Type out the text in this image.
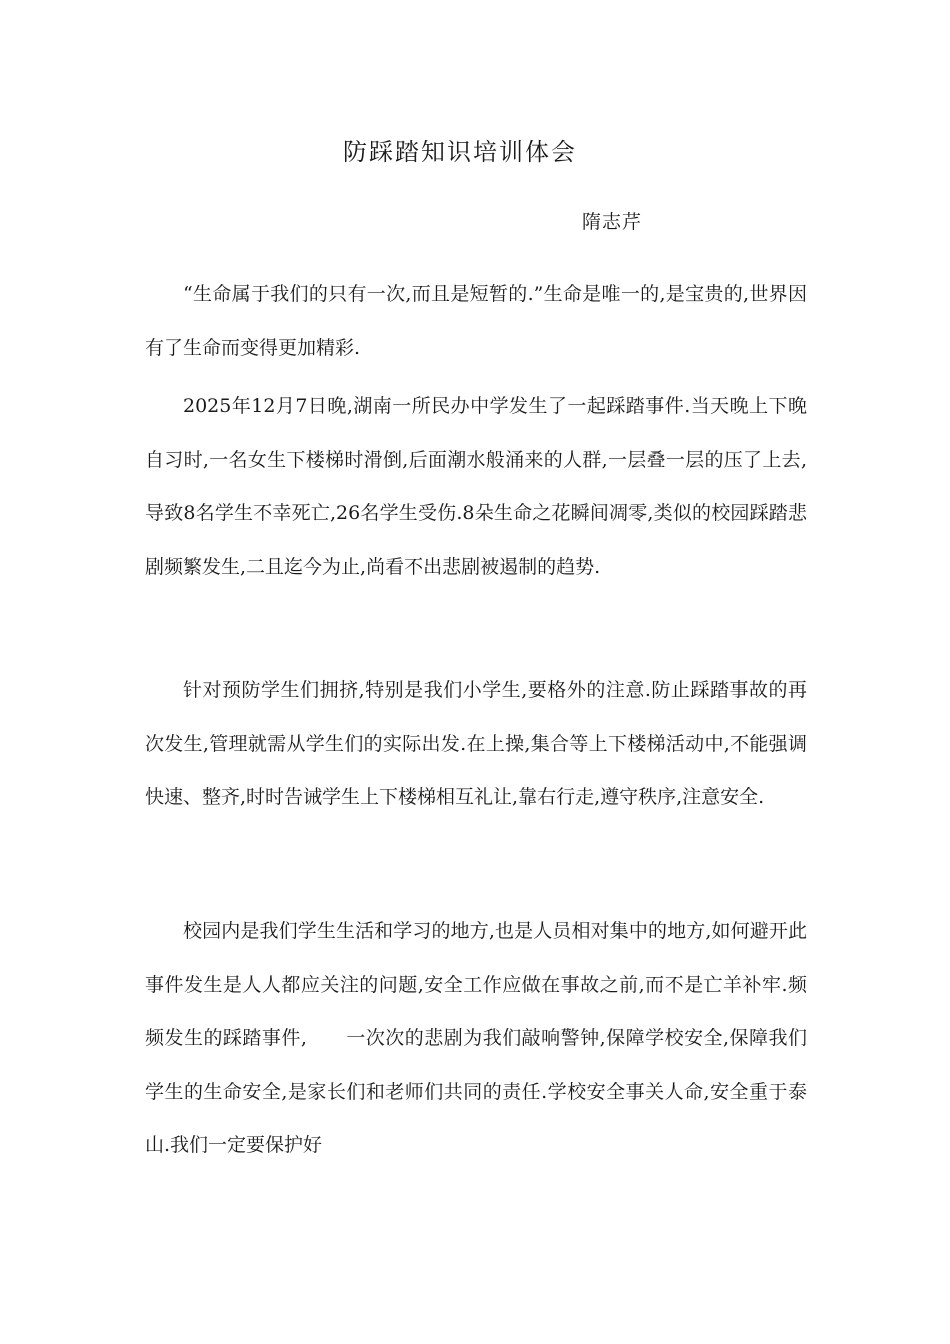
防踩踏知识培训体会
隋志芹

“生命属于我们的只有一次,而且是短暂的.”生命是唯一的,是宝贵的,世界因有了生命而变得更加精彩.

2025年12月7日晚,湖南一所民办中学发生了一起踩踏事件.当天晚上下晚自习时,一名女生下楼梯时滑倒,后面潮水般涌来的人群,一层叠一层的压了上去,导致8名学生不幸死亡,26名学生受伤.8朵生命之花瞬间凋零,类似的校园踩踏悲剧频繁发生,二且迄今为止,尚看不出悲剧被遏制的趋势.

针对预防学生们拥挤,特别是我们小学生,要格外的注意.防止踩踏事故的再次发生,管理就需从学生们的实际出发.在上操,集合等上下楼梯活动中,不能强调快速、整齐,时时告诫学生上下楼梯相互礼让,靠右行走,遵守秩序,注意安全.

校园内是我们学生生活和学习的地方,也是人员相对集中的地方,如何避开此事件发生是人人都应关注的问题,安全工作应做在事故之前,而不是亡羊补牢.频频发生的踩踏事件,　　一次次的悲剧为我们敲响警钟,保障学校安全,保障我们学生的生命安全,是家长们和老师们共同的责任.学校安全事关人命,安全重于泰山.我们一定要保护好
